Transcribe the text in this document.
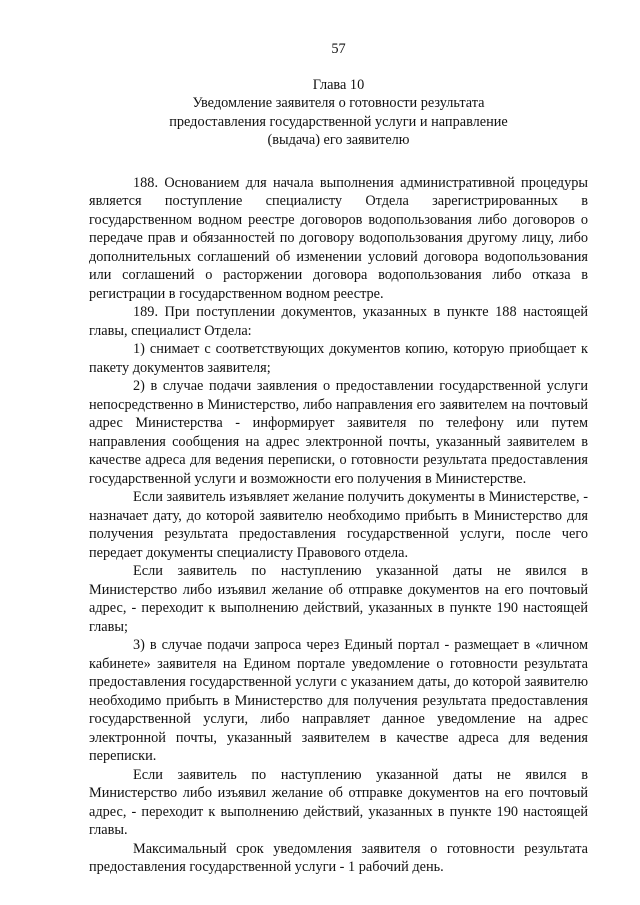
57
Глава 10
Уведомление заявителя о готовности результата
предоставления государственной услуги и направление
(выдача) его заявителю

188. Основанием для начала выполнения административной процедуры является поступление специалисту Отдела зарегистрированных в государственном водном реестре договоров водопользования либо договоров о передаче прав и обязанностей по договору водопользования другому лицу, либо дополнительных соглашений об изменении условий договора водопользования или соглашений о расторжении договора водопользования либо отказа в регистрации в государственном водном реестре.

189. При поступлении документов, указанных в пункте 188 настоящей главы, специалист Отдела:

1) снимает с соответствующих документов копию, которую приобщает к пакету документов заявителя;

2) в случае подачи заявления о предоставлении государственной услуги непосредственно в Министерство, либо направления его заявителем на почтовый адрес Министерства - информирует заявителя по телефону или путем направления сообщения на адрес электронной почты, указанный заявителем в качестве адреса для ведения переписки, о готовности результата предоставления государственной услуги и возможности его получения в Министерстве.

Если заявитель изъявляет желание получить документы в Министерстве, - назначает дату, до которой заявителю необходимо прибыть в Министерство для получения результата предоставления государственной услуги, после чего передает документы специалисту Правового отдела.

Если заявитель по наступлению указанной даты не явился в Министерство либо изъявил желание об отправке документов на его почтовый адрес, - переходит к выполнению действий, указанных в пункте 190 настоящей главы;

3) в случае подачи запроса через Единый портал - размещает в «личном кабинете» заявителя на Едином портале уведомление о готовности результата предоставления государственной услуги с указанием даты, до которой заявителю необходимо прибыть в Министерство для получения результата предоставления государственной услуги, либо направляет данное уведомление на адрес электронной почты, указанный заявителем в качестве адреса для ведения переписки.

Если заявитель по наступлению указанной даты не явился в Министерство либо изъявил желание об отправке документов на его почтовый адрес, - переходит к выполнению действий, указанных в пункте 190 настоящей главы.

Максимальный срок уведомления заявителя о готовности результата предоставления государственной услуги - 1 рабочий день.
